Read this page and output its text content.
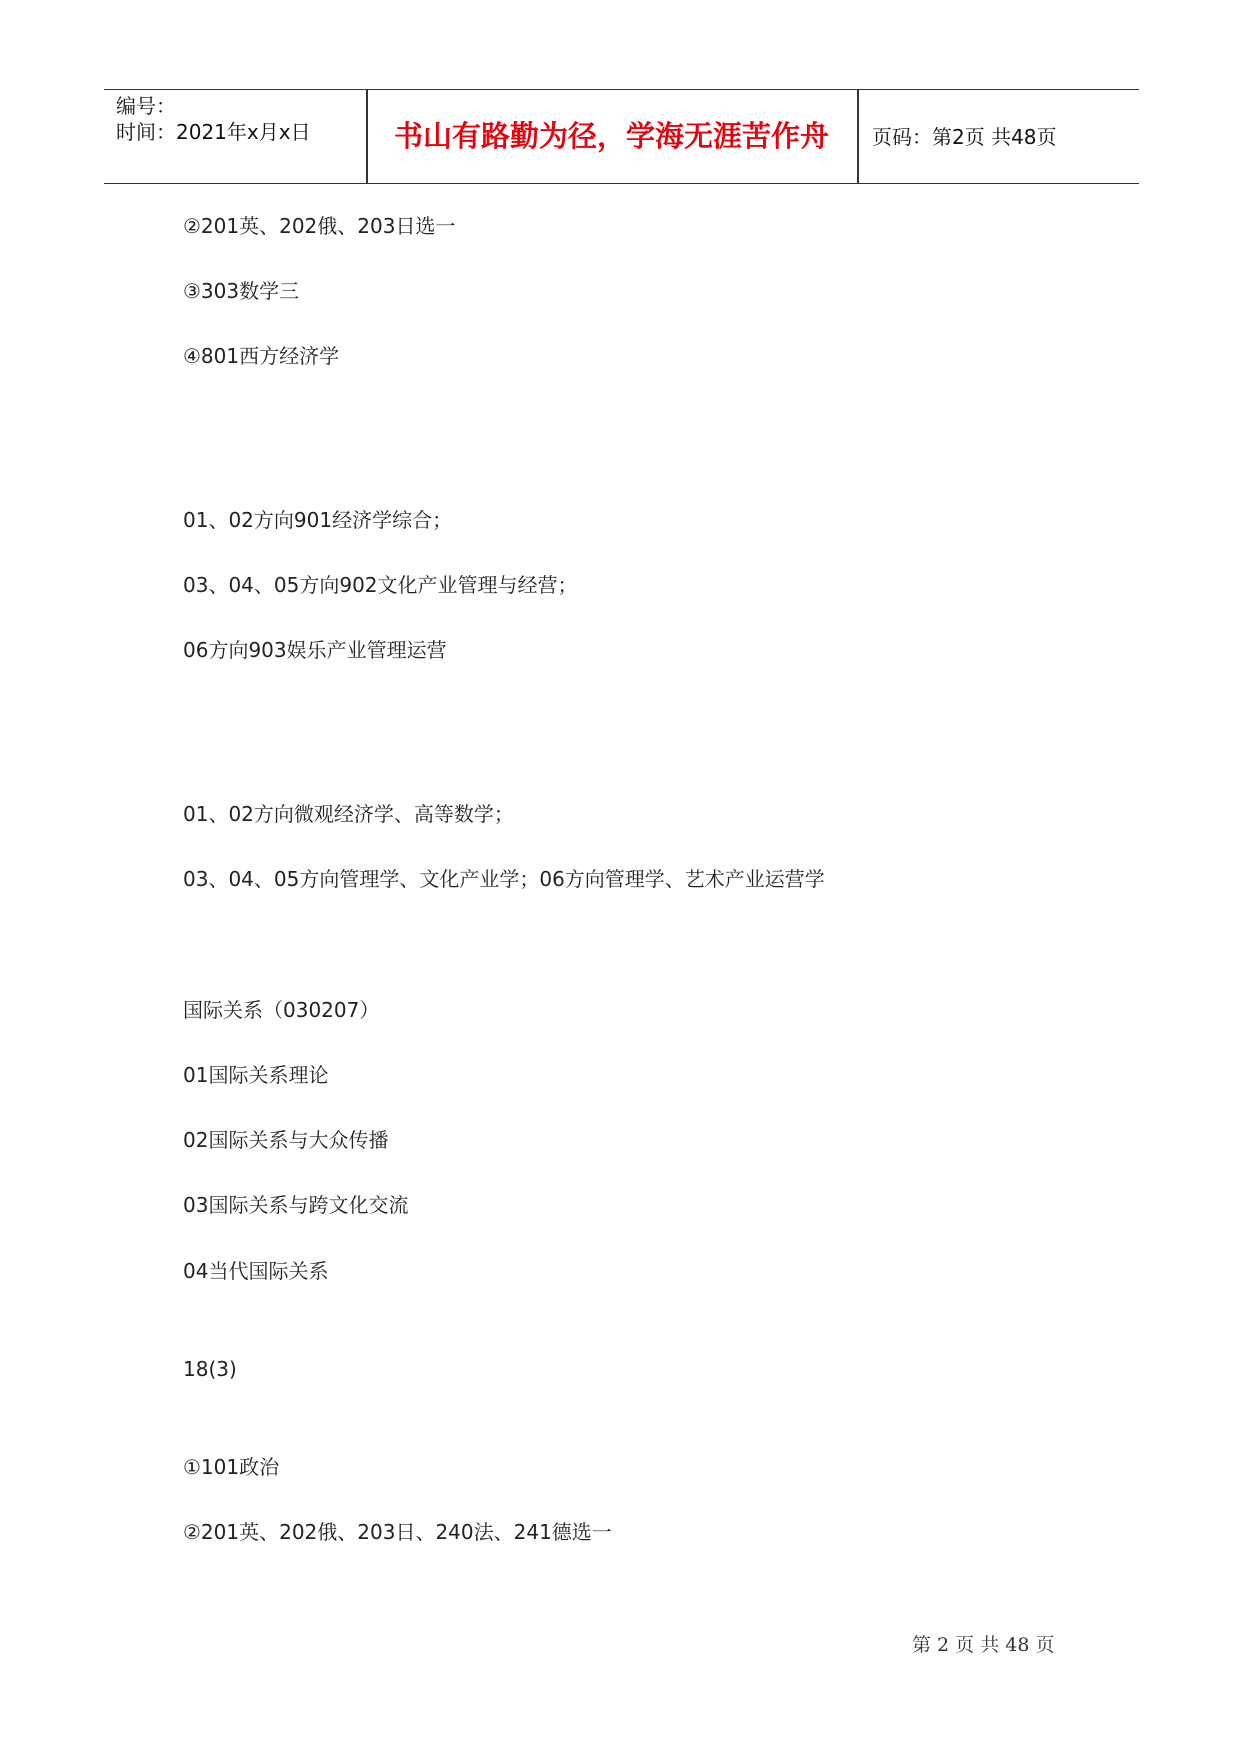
编号：
时间：2021年x月x日	书山有路勤为径，学海无涯苦作舟	页码：第2页 共48页
②201英、202俄、203日选一
③303数学三
④801西方经济学
01、02方向901经济学综合；
03、04、05方向902文化产业管理与经营；
06方向903娱乐产业管理运营
01、02方向微观经济学、高等数学；
03、04、05方向管理学、文化产业学；06方向管理学、艺术产业运营学
国际关系（030207）
01国际关系理论
02国际关系与大众传播
03国际关系与跨文化交流
04当代国际关系
18(3)
①101政治
②201英、202俄、203日、240法、241德选一
第 2 页 共 48 页
